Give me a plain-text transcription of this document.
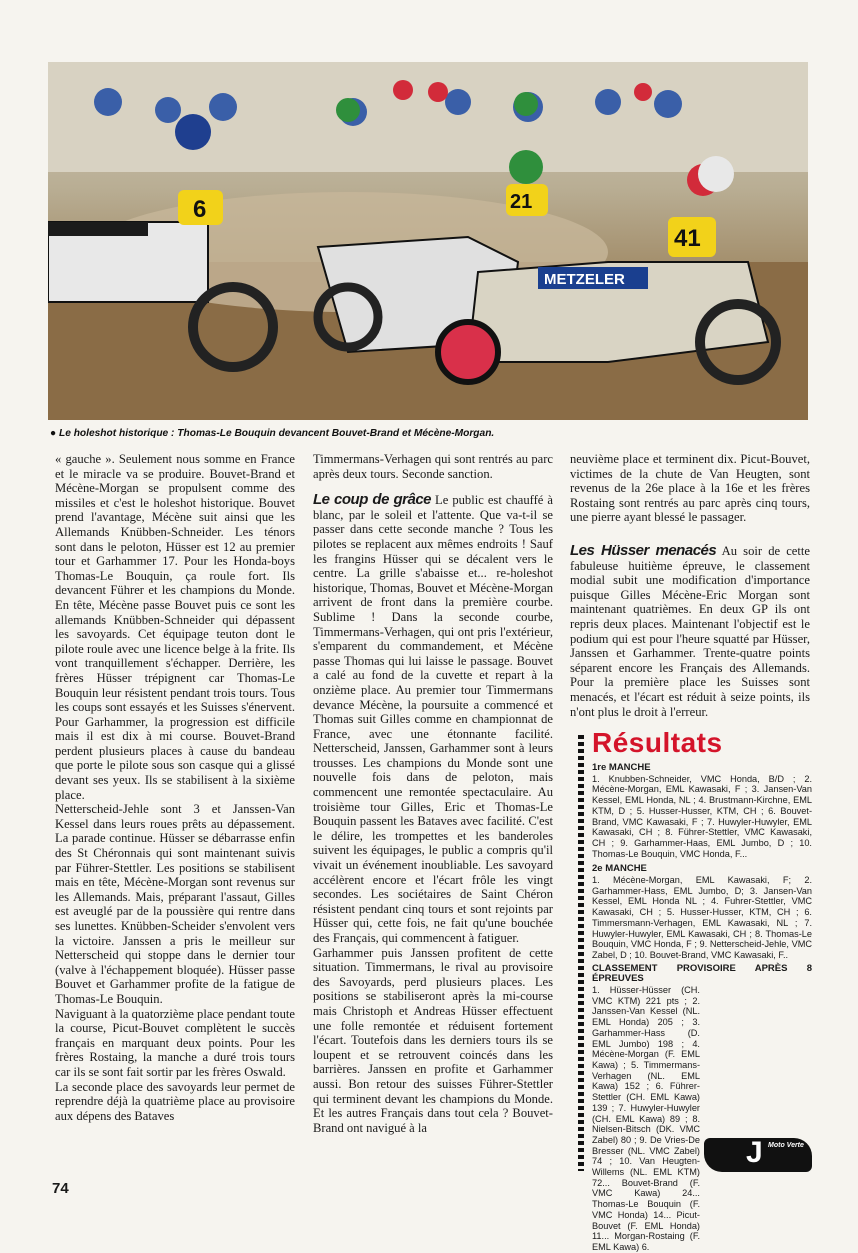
6	21
METZELER
41
● Le holeshot historique : Thomas-Le Bouquin devancent Bouvet-Brand et Mécène-Morgan.

« gauche ». Seulement nous somme en France et le miracle va se produire. Bouvet-Brand et Mécène-Morgan se propulsent comme des missiles et c'est le holeshot historique. Bouvet prend l'avantage, Mécène suit ainsi que les Allemands Knübben-Schneider. Les ténors sont dans le peloton, Hüsser est 12 au premier tour et Garhammer 17. Pour les Honda-boys Thomas-Le Bouquin, ça roule fort. Ils devancent Führer et les champions du Monde. En tête, Mécène passe Bouvet puis ce sont les allemands Knübben-Schneider qui dépassent les savoyards. Cet équipage teuton dont le pilote roule avec une licence belge à la frite. Ils vont tranquillement s'échapper. Derrière, les frères Hüsser trépignent car Thomas-Le Bouquin leur résistent pendant trois tours. Tous les coups sont essayés et les Suisses s'énervent. Pour Garhammer, la progression est difficile mais il est dix à mi course. Bouvet-Brand perdent plusieurs places à cause du bandeau que porte le pilote sous son casque qui a glissé devant ses yeux. Ils se stabilisent à la sixième place.

Netterscheid-Jehle sont 3 et Janssen-Van Kessel dans leurs roues prêts au dépassement. La parade continue. Hüsser se débarrasse enfin des St Chéronnais qui sont maintenant suivis par Führer-Stettler. Les positions se stabilisent mais en tête, Mécène-Morgan sont revenus sur les Allemands. Mais, préparant l'assaut, Gilles est aveuglé par de la poussière qui rentre dans ses lunettes. Knübben-Scheider s'envolent vers la victoire. Janssen a pris le meilleur sur Netterscheid qui stoppe dans le dernier tour (valve à l'échappement bloquée). Hüsser passe Bouvet et Garhammer profite de la fatigue de Thomas-Le Bouquin.

Naviguant à la quatorzième place pendant toute la course, Picut-Bouvet complètent le succès français en marquant deux points. Pour les frères Rostaing, la manche a duré trois tours car ils se sont fait sortir par les frères Oswald.

La seconde place des savoyards leur permet de reprendre déjà la quatrième place au provisoire aux dépens des Bataves

Timmermans-Verhagen qui sont rentrés au parc après deux tours. Seconde sanction.

Le coup de grâce Le public est chauffé à blanc, par le soleil et l'attente. Que va-t-il se passer dans cette seconde manche ? Tous les pilotes se replacent aux mêmes endroits ! Sauf les frangins Hüsser qui se décalent vers le centre. La grille s'abaisse et... re-holeshot historique, Thomas, Bouvet et Mécène-Morgan arrivent de front dans la première courbe. Sublime ! Dans la seconde courbe, Timmermans-Verhagen, qui ont pris l'extérieur, s'emparent du commandement, et Mécène passe Thomas qui lui laisse le passage. Bouvet a calé au fond de la cuvette et repart à la onzième place. Au premier tour Timmermans devance Mécène, la poursuite a commencé et Thomas suit Gilles comme en championnat de France, avec une étonnante facilité. Netterscheid, Janssen, Garhammer sont à leurs trousses. Les champions du Monde sont une nouvelle fois dans de peloton, mais commencent une remontée spectaculaire. Au troisième tour Gilles, Eric et Thomas-Le Bouquin passent les Bataves avec facilité. C'est le délire, les trompettes et les banderoles suivent les équipages, le public a compris qu'il vivait un événement inoubliable. Les savoyard accélèrent encore et l'écart frôle les vingt secondes. Les sociétaires de Saint Chéron résistent pendant cinq tours et sont rejoints par Hüsser qui, cette fois, ne fait qu'une bouchée des Français, qui commencent à fatiguer.

Garhammer puis Janssen profitent de cette situation. Timmermans, le rival au provisoire des Savoyards, perd plusieurs places. Les positions se stabiliseront après la mi-course mais Christoph et Andreas Hüsser effectuent une folle remontée et réduisent fortement l'écart. Toutefois dans les derniers tours ils se loupent et se retrouvent coincés dans les barrières. Janssen en profite et Garhammer aussi. Bon retour des suisses Führer-Stettler qui terminent devant les champions du Monde. Et les autres Français dans tout cela ? Bouvet-Brand ont navigué à la

neuvième place et terminent dix. Picut-Bouvet, victimes de la chute de Van Heugten, sont revenus de la 26e place à la 16e et les frères Rostaing sont rentrés au parc après cinq tours, une pierre ayant blessé le passager.

Les Hüsser menacés Au soir de cette fabuleuse huitième épreuve, le classement modial subit une modification d'importance puisque Gilles Mécène-Eric Morgan sont maintenant quatrièmes. En deux GP ils ont repris deux places. Maintenant l'objectif est le podium qui est pour l'heure squatté par Hüsser, Janssen et Garhammer. Trente-quatre points séparent encore les Français des Allemands. Pour la première place les Suisses sont menacés, et l'écart est réduit à seize points, ils n'ont plus le droit à l'erreur.

Résultats

1re MANCHE

1. Knubben-Schneider, VMC Honda, B/D ; 2. Mécène-Morgan, EML Kawasaki, F ; 3. Jansen-Van Kessel, EML Honda, NL ; 4. Brustmann-Kirchne, EML KTM, D ; 5. Husser-Husser, KTM, CH ; 6. Bouvet-Brand, VMC Kawasaki, F ; 7. Huwyler-Huwyler, EML Kawasaki, CH ; 8. Führer-Stettler, VMC Kawasaki, CH ; 9. Garhammer-Haas, EML Jumbo, D ; 10. Thomas-Le Bouquin, VMC Honda, F...

2e MANCHE

1. Mécène-Morgan, EML Kawasaki, F; 2. Garhammer-Hass, EML Jumbo, D; 3. Jansen-Van Kessel, EML Honda NL ; 4. Fuhrer-Stettler, VMC Kawasaki, CH ; 5. Husser-Husser, KTM, CH ; 6. Timmersmann-Verhagen, EML Kawasaki, NL ; 7. Huwyler-Huwyler, EML Kawasaki, CH ; 8. Thomas-Le Bouquin, VMC Honda, F ; 9. Netterscheid-Jehle, VMC Zabel, D ; 10. Bouvet-Brand, VMC Kawasaki, F..

CLASSEMENT PROVISOIRE APRÈS 8 ÉPREUVES

1. Hüsser-Hüsser (CH. VMC KTM) 221 pts ; 2. Janssen-Van Kessel (NL. EML Honda) 205 ; 3. Garhammer-Hass (D. EML Jumbo) 198 ; 4. Mécène-Morgan (F. EML Kawa) ; 5. Timmermans-Verhagen (NL. EML Kawa) 152 ; 6. Führer-Stettler (CH. EML Kawa) 139 ; 7. Huwyler-Huwyler (CH. EML Kawa) 89 ; 8. Nielsen-Bitsch (DK. VMC Zabel) 80 ; 9. De Vries-De Bresser (NL. VMC Zabel) 74 ; 10. Van Heugten-Willems (NL. EML KTM) 72... Bouvet-Brand (F. VMC Kawa) 24... Thomas-Le Bouquin (F. VMC Honda) 14... Picut-Bouvet (F. EML Honda) 11... Morgan-Rostaing (F. EML Kawa) 6.

J Moto Verte
74
